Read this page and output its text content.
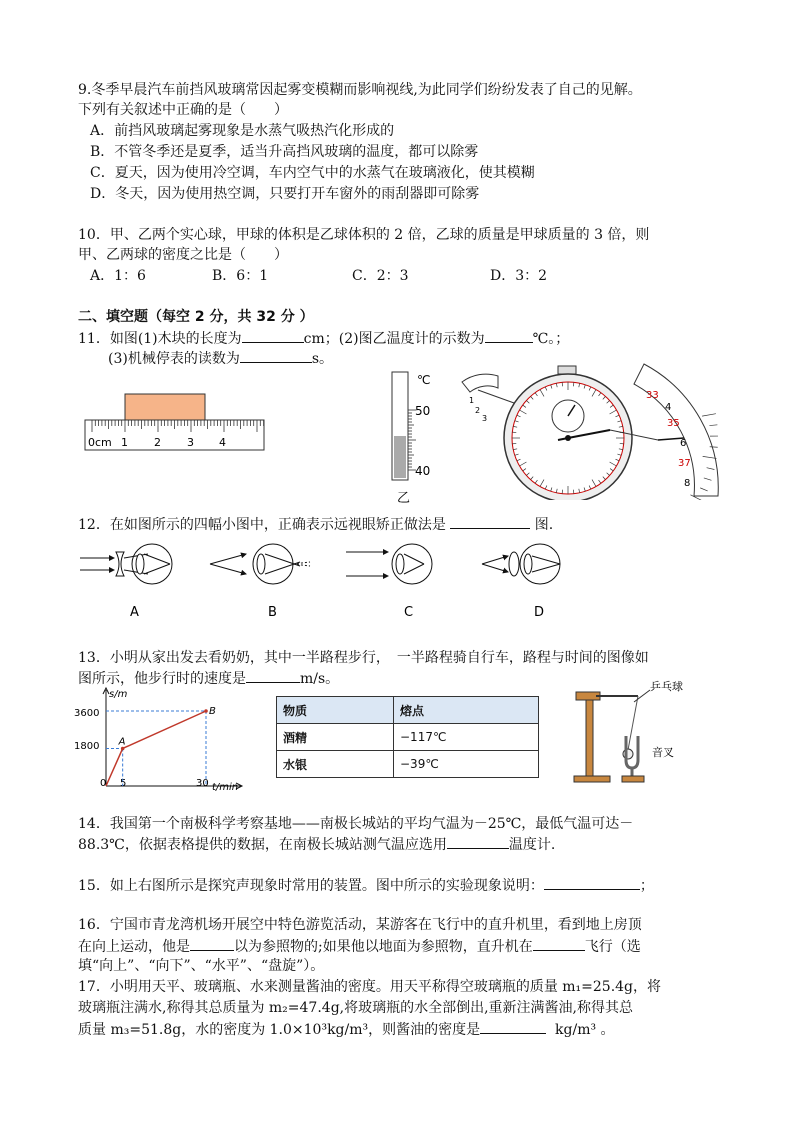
9.冬季早晨汽车前挡风玻璃常因起雾变模糊而影响视线,为此同学们纷纷发表了自己的见解。
下列有关叙述中正确的是（　　）
A．前挡风玻璃起雾现象是水蒸气吸热汽化形成的
B．不管冬季还是夏季，适当升高挡风玻璃的温度，都可以除雾
C．夏天，因为使用冷空调，车内空气中的水蒸气在玻璃液化，使其模糊
D．冬天，因为使用热空调，只要打开车窗外的雨刮器即可除雾
10．甲、乙两个实心球，甲球的体积是乙球体积的 2 倍，乙球的质量是甲球质量的 3 倍，则
甲、乙两球的密度之比是（　　）
A．1：6	B．6：1	C．2：3	D．3：2
二、填空题（每空 2 分，共 32 分 ）
11．如图(1)木块的长度为	cm；(2)图乙温度计的示数为	℃。；
(3)机械停表的读数为	s。
0cm 1 2 3 4
℃
50
40
乙
1
2
3
33
4
35
6
37
8
12．在如图所示的四幅小图中，正确表示远视眼矫正做法是	图.
A	B	C	D
13．小明从家出发去看奶奶，其中一半路程步行，　一半路程骑自行车，路程与时间的图像如
图所示，他步行时的速度是	m/s。
s/m
t/min
3600
1800
0 5	30
A
B	物质	熔点
酒精	−117℃
水银	−39℃
乒乓球
音叉
14．我国第一个南极科学考察基地——南极长城站的平均气温为－25℃，最低气温可达－
88.3℃，依据表格提供的数据，在南极长城站测气温应选用	温度计.
15．如上右图所示是探究声现象时常用的装置。图中所示的实验现象说明：	；
16．宁国市青龙湾机场开展空中特色游览活动，某游客在飞行中的直升机里，看到地上房顶
在向上运动，他是	以为参照物的;如果他以地面为参照物，直升机在	飞行（选
填“向上”、“向下”、“水平”、“盘旋”）。
17．小明用天平、玻璃瓶、水来测量酱油的密度。用天平称得空玻璃瓶的质量 m₁=25.4g，将
玻璃瓶注满水,称得其总质量为 m₂=47.4g,将玻璃瓶的水全部倒出,重新注满酱油,称得其总
质量 m₃=51.8g，水的密度为 1.0×10³kg/m³，则酱油的密度是	kg/m³ 。
